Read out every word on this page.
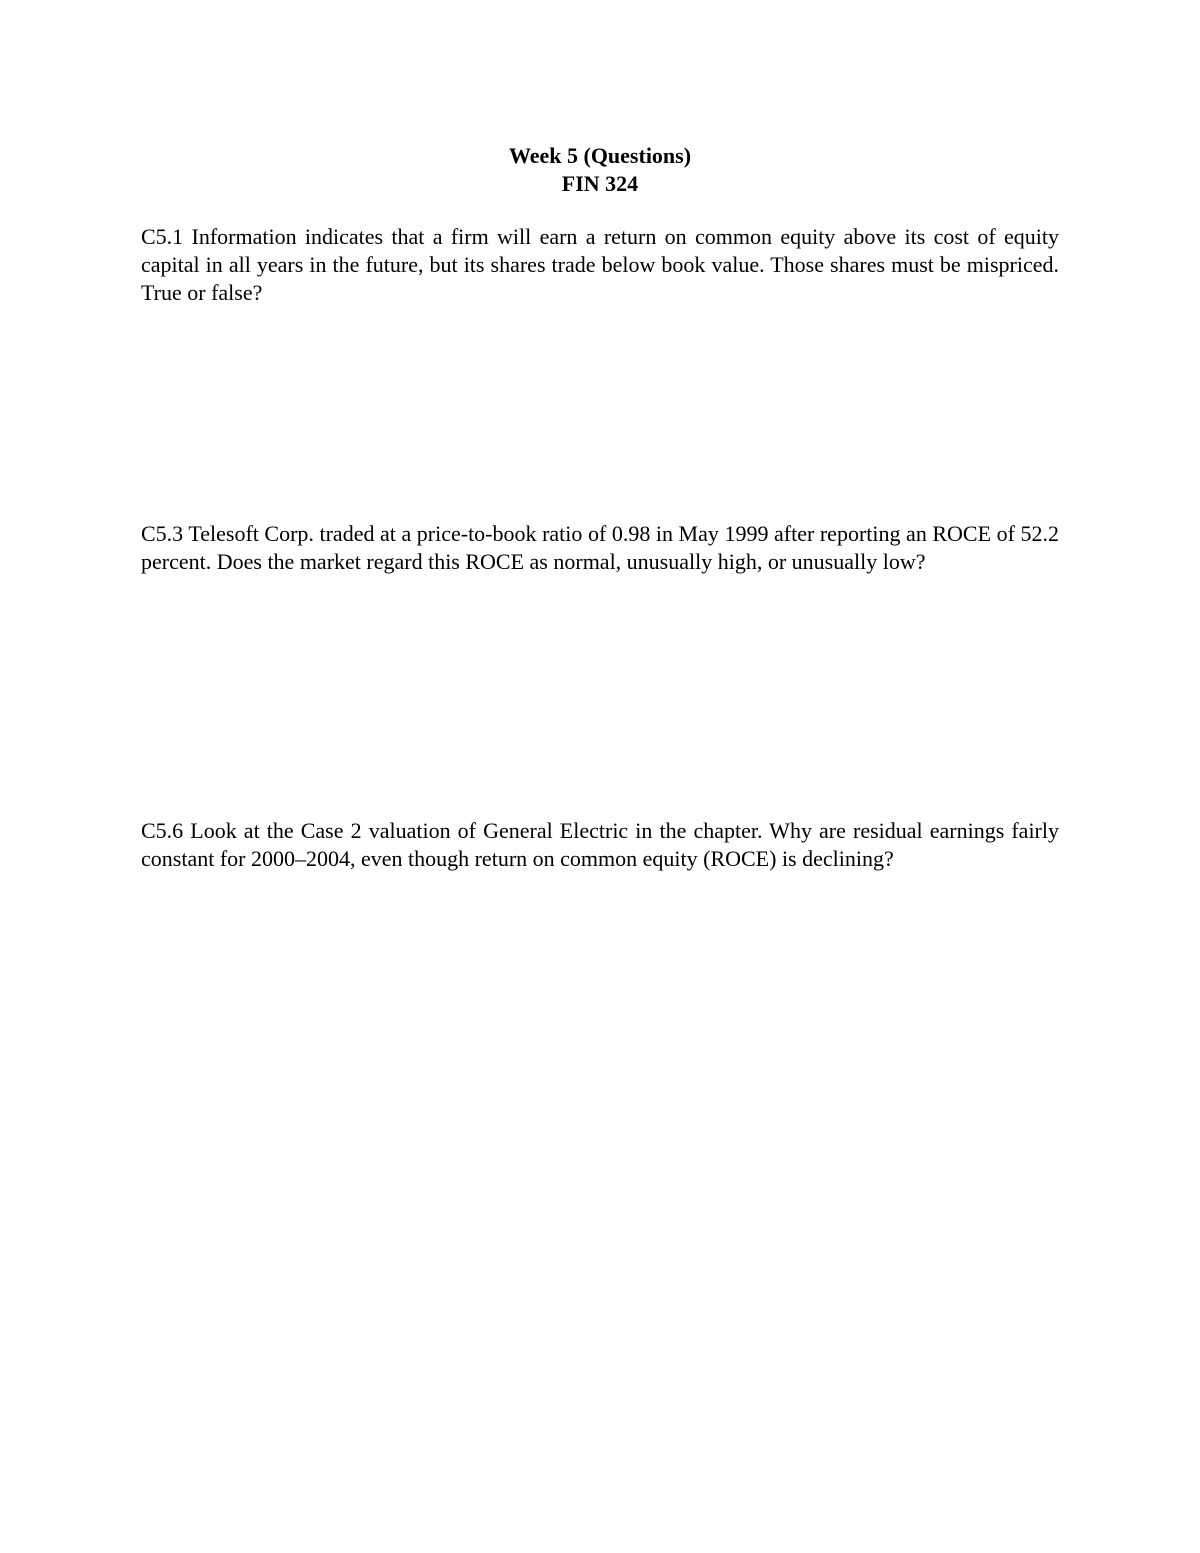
Week 5 (Questions)
FIN 324

C5.1 Information indicates that a firm will earn a return on common equity above its cost of equity capital in all years in the future, but its shares trade below book value. Those shares must be mispriced. True or false?

C5.3 Telesoft Corp. traded at a price-to-book ratio of 0.98 in May 1999 after reporting an ROCE of 52.2 percent. Does the market regard this ROCE as normal, unusually high, or unusually low?

C5.6 Look at the Case 2 valuation of General Electric in the chapter. Why are residual earnings fairly constant for 2000–2004, even though return on common equity (ROCE) is declining?
